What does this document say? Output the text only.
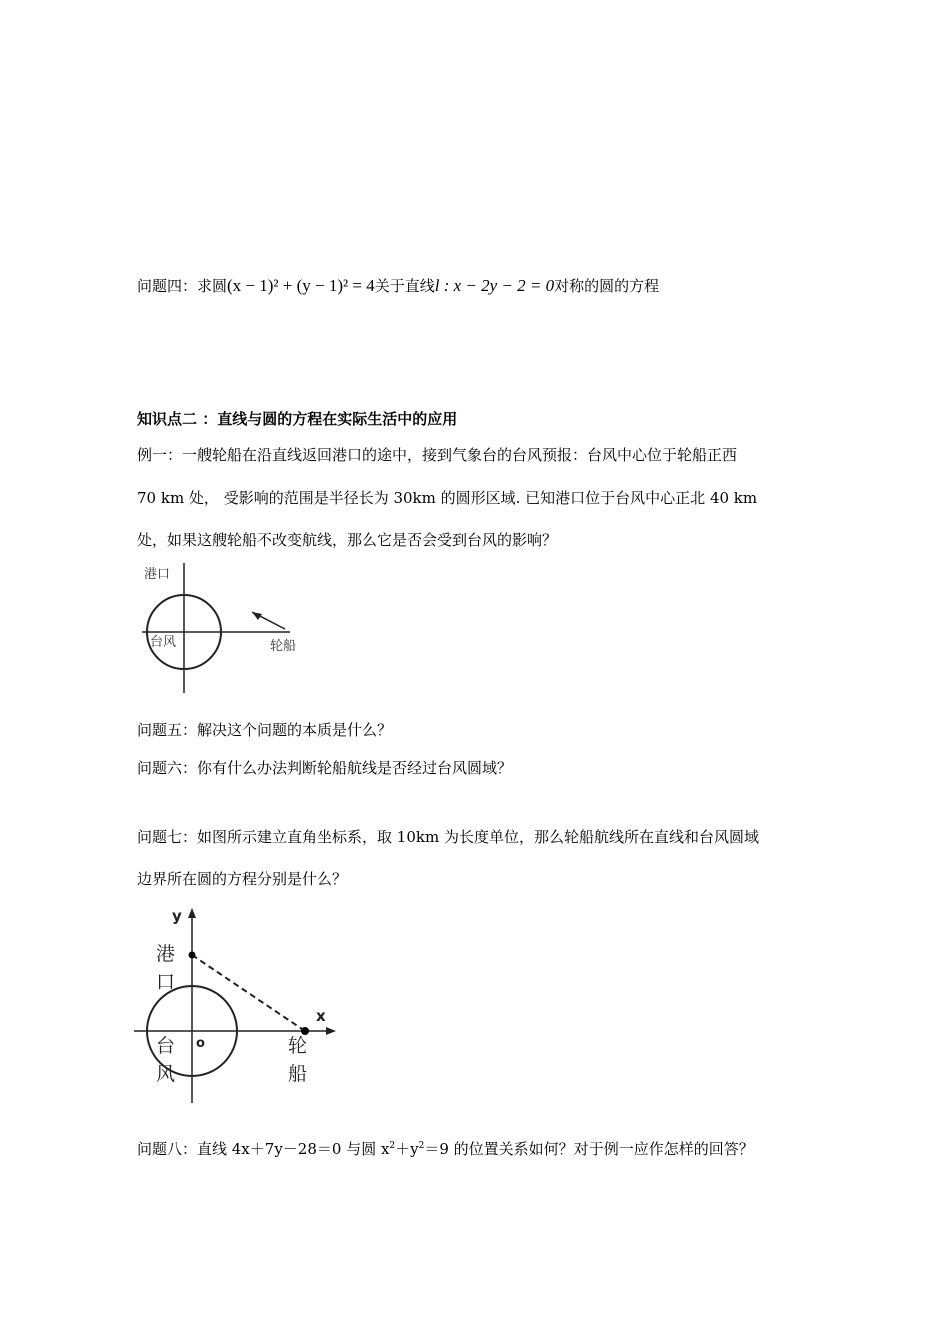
问题四：求圆(x − 1)² + (y − 1)² = 4关于直线l : x − 2y − 2 = 0对称的圆的方程
知识点二 ：直线与圆的方程在实际生活中的应用
例一：一艘轮船在沿直线返回港口的途中，接到气象台的台风预报：台风中心位于轮船正西
70 km 处， 受影响的范围是半径长为 30km 的圆形区域. 已知港口位于台风中心正北 40 km
处，如果这艘轮船不改变航线，那么它是否会受到台风的影响？
港口
台风	轮船
问题五：解决这个问题的本质是什么？
问题六：你有什么办法判断轮船航线是否经过台风圆域？
问题七：如图所示建立直角坐标系，取 10km 为长度单位，那么轮船航线所在直线和台风圆域
边界所在圆的方程分别是什么？
y
x
o
港
口
台
风
轮
船
问题八：直线 4x＋7y－28＝0 与圆 $x^2+y^2=9$ 的位置关系如何？对于例一应作怎样的回答？
